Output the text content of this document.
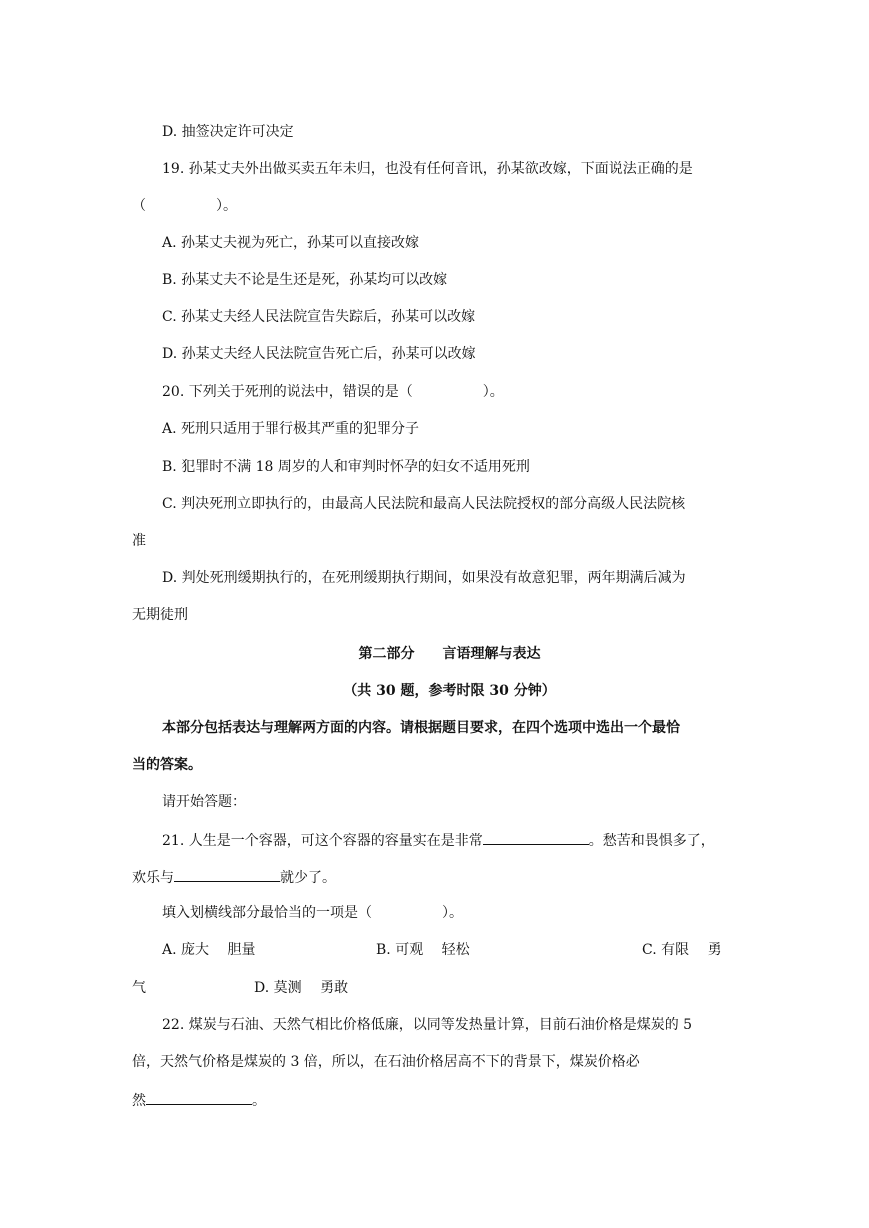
D. 抽签决定许可决定
19. 孙某丈夫外出做买卖五年未归，也没有任何音讯，孙某欲改嫁，下面说法正确的是
（　　　　　）。
A. 孙某丈夫视为死亡，孙某可以直接改嫁
B. 孙某丈夫不论是生还是死，孙某均可以改嫁
C. 孙某丈夫经人民法院宣告失踪后，孙某可以改嫁
D. 孙某丈夫经人民法院宣告死亡后，孙某可以改嫁
20. 下列关于死刑的说法中，错误的是（　　　　　）。
A. 死刑只适用于罪行极其严重的犯罪分子
B. 犯罪时不满 18 周岁的人和审判时怀孕的妇女不适用死刑
C. 判决死刑立即执行的，由最高人民法院和最高人民法院授权的部分高级人民法院核
准
D. 判处死刑缓期执行的，在死刑缓期执行期间，如果没有故意犯罪，两年期满后减为
无期徒刑
第二部分　　言语理解与表达
（共 30 题，参考时限 30 分钟）
本部分包括表达与理解两方面的内容。请根据题目要求，在四个选项中选出一个最恰
当的答案。
请开始答题：
21. 人生是一个容器，可这个容器的容量实在是非常	。愁苦和畏惧多了，
欢乐与	就少了。
填入划横线部分最恰当的一项是（　　　　　）。
A. 庞大　 胆量	B. 可观　 轻松	C. 有限　 勇
气	D. 莫测　 勇敢
22. 煤炭与石油、天然气相比价格低廉，以同等发热量计算，目前石油价格是煤炭的 5
倍，天然气价格是煤炭的 3 倍，所以，在石油价格居高不下的背景下，煤炭价格必
然	。
